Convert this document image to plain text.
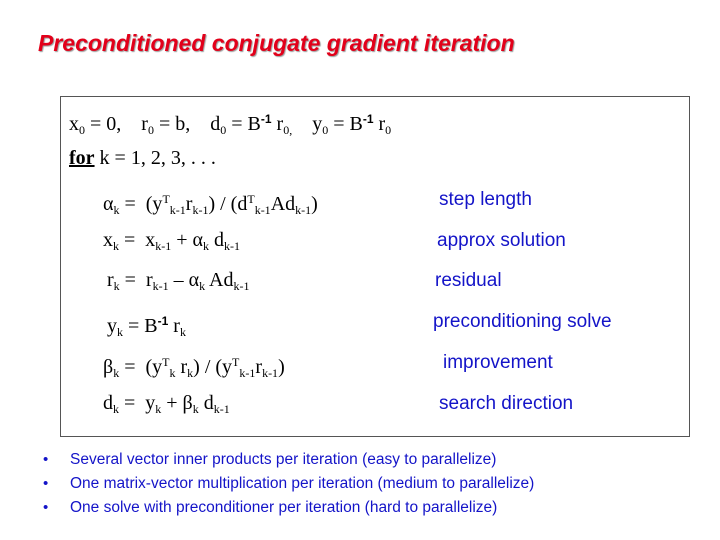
Preconditioned conjugate gradient iteration
$x_0 = 0$, $r_0 = b$, $d_0 = B^{-1}$ $r_{0,}$ $y_0 = B^{-1}$ $r_0$
for k = 1, 2, 3, . . .
$\alpha_k = (y^T_{k-1}r_{k-1}) / (d^T_{k-1}Ad_{k-1})$	step length
$x_k = x_{k-1} + \alpha_k$ $d_{k-1}$	approx solution
$r_k = r_{k-1} - \alpha_k$ $Ad_{k-1}$	residual
$y_k = B^{-1}$ $r_k$	preconditioning solve
$\beta_k = (y^T_k$ $r_k) / (y^T_{k-1}r_{k-1})$	improvement
$d_k = y_k + \beta_k$ $d_{k-1}$	search direction
• Several vector inner products per iteration (easy to parallelize)
• One matrix-vector multiplication per iteration (medium to parallelize)
• One solve with preconditioner per iteration (hard to parallelize)
